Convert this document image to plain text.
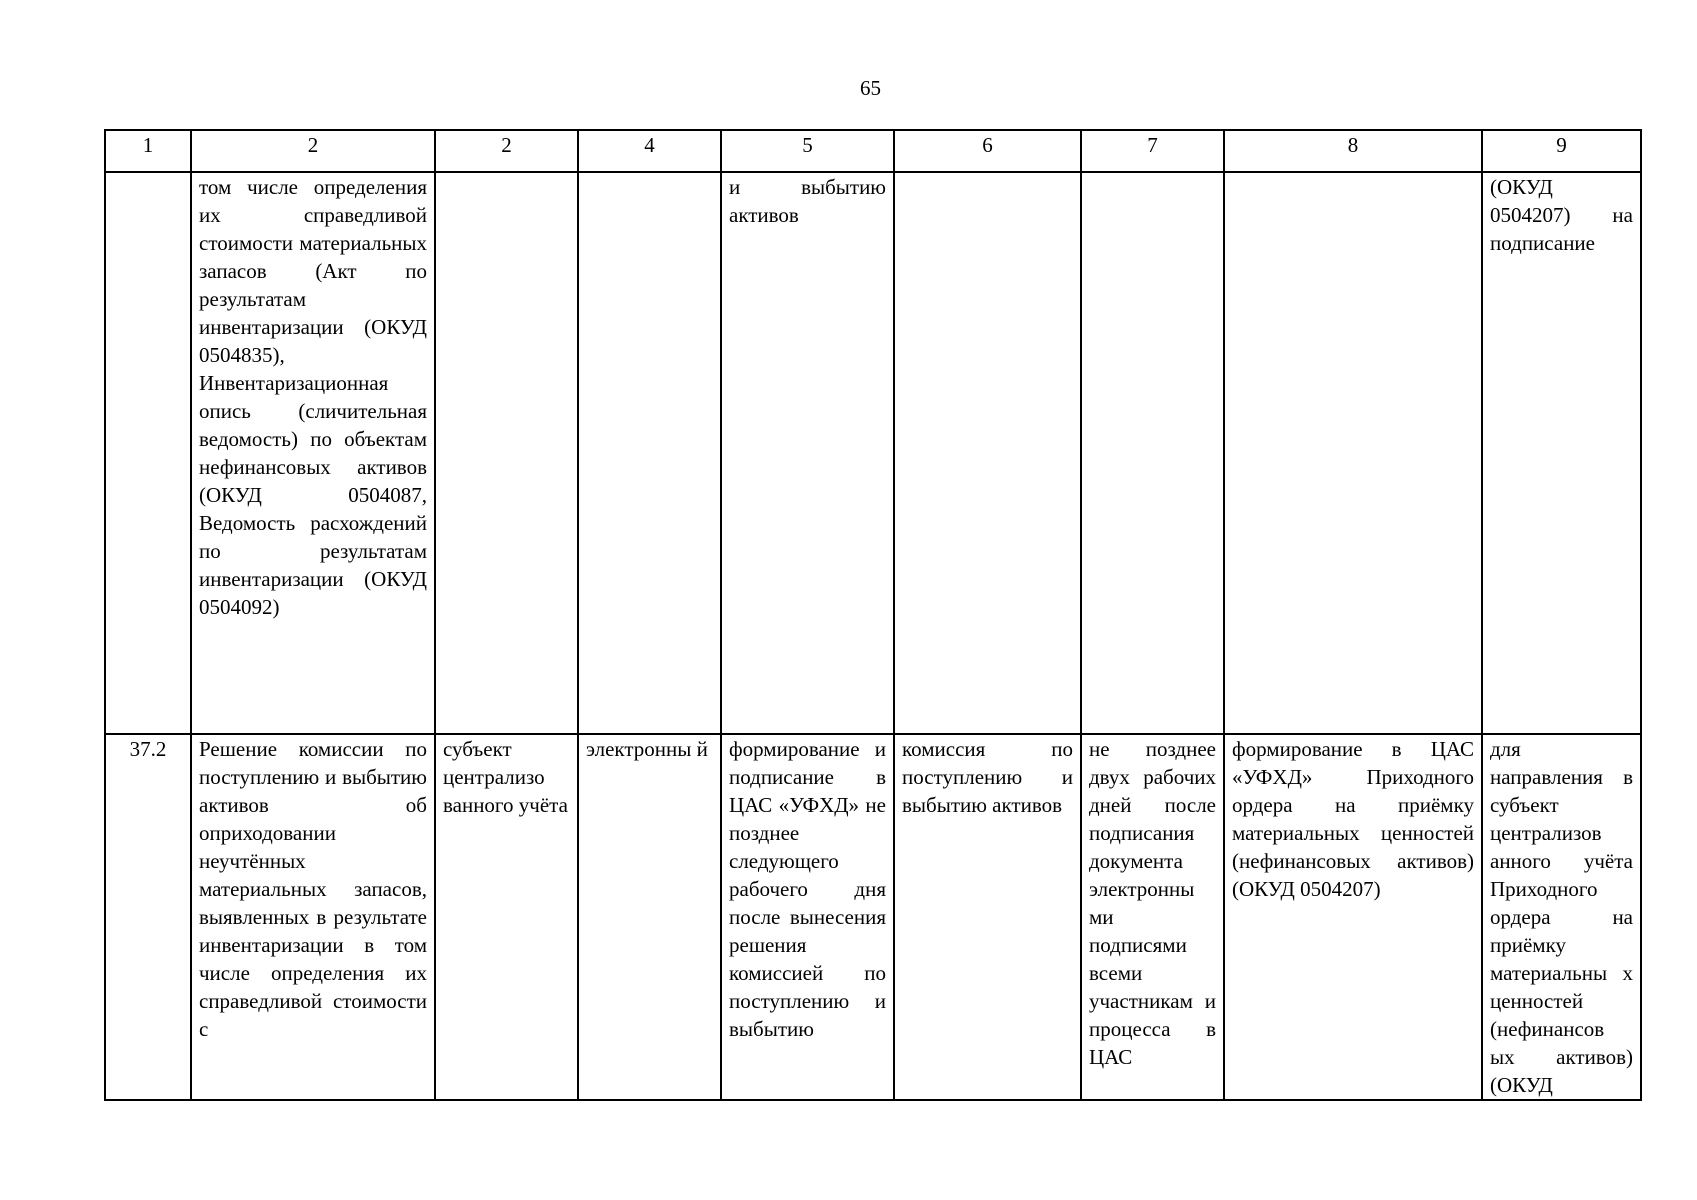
65
1	2	2	4	5	6	7	8	9
	том числе определения их справедливой стоимости материальных запасов (Акт по результатам инвентаризации (ОКУД 0504835), Инвентаризационная опись (сличительная ведомость) по объектам нефинансовых активов (ОКУД 0504087, Ведомость расхождений по результатам инвентаризации (ОКУД 0504092)			и выбытию активов				(ОКУД 0504207) на подписание
37.2	Решение комиссии по поступлению и выбытию активов об оприходовании неучтённых материальных запасов, выявленных в результате инвентаризации в том числе определения их справедливой стоимости с	субъект централизо ванного учёта	электронны й	формирование и подписание в ЦАС «УФХД» не позднее следующего рабочего дня после вынесения решения комиссией по поступлению и выбытию	комиссия по поступлению и выбытию активов	не позднее двух рабочих дней после подписания документа электронны ми подписями всеми участникам и процесса в ЦАС	формирование в ЦАС «УФХД» Приходного ордера на приёмку материальных ценностей (нефинансовых активов) (ОКУД 0504207)	для направления в субъект централизов анного учёта Приходного ордера на приёмку материальны х ценностей (нефинансов ых активов) (ОКУД
